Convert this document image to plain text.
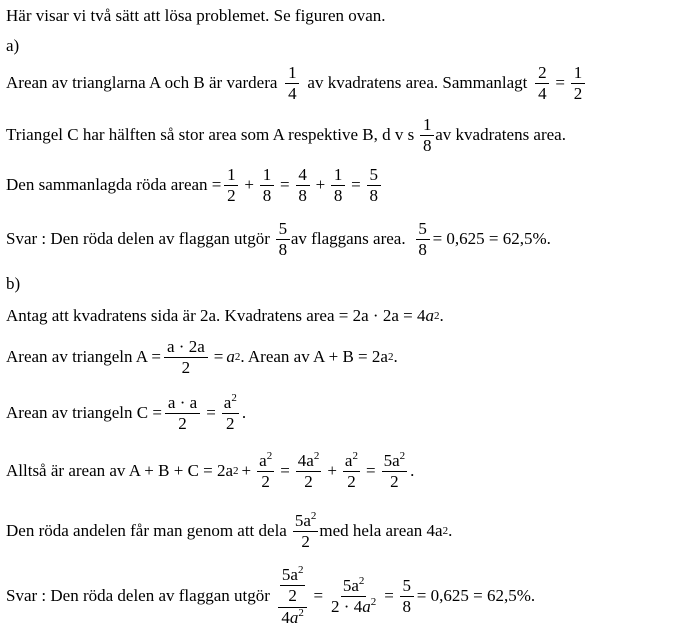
Här visar vi två sätt att lösa problemet. Se figuren ovan.
a)
Arean av trianglarna A och B är vardera $\frac{1}{4}$ av kvadratens area. Sammanlagt $\frac{2}{4} = \frac{1}{2}$
Triangel C har hälften så stor area som A respektive B, d v s $\frac{1}{8}$ av kvadratens area.
Den sammanlagda röda arean = $\frac{1}{2} + \frac{1}{8} = \frac{4}{8} + \frac{1}{8} = \frac{5}{8}$
Svar : Den röda delen av flaggan utgör $\frac{5}{8}$ av flaggans area. $\frac{5}{8} = 0,625 = 62,5\%$.
b)
Antag att kvadratens sida är 2a. Kvadratens area = 2a · 2a = 4 a 2 .
Arean av triangeln $A = \frac{a \cdot 2a}{2} = a$ 2 . Arean av A + B = 2a 2 .
Arean av triangeln $C = \frac{a \cdot a}{2} = \frac{a^2}{2}$ .
Alltså är arean av A + B + C = 2a $2 + \frac{a^2}{2} = \frac{4a^2}{2} + \frac{a^2}{2} = \frac{5a^2}{2}$ .
Den röda andelen får man genom att dela $\frac{5a^2}{2}$ med hela arean 4a 2 .
Svar : Den röda delen av flaggan utgör $\frac{\frac{5a^2}{2}}{4a^2} = \frac{5a^2}{2 \cdot 4a^2} = \frac{5}{8} = 0,625 = 62,5\%$.
